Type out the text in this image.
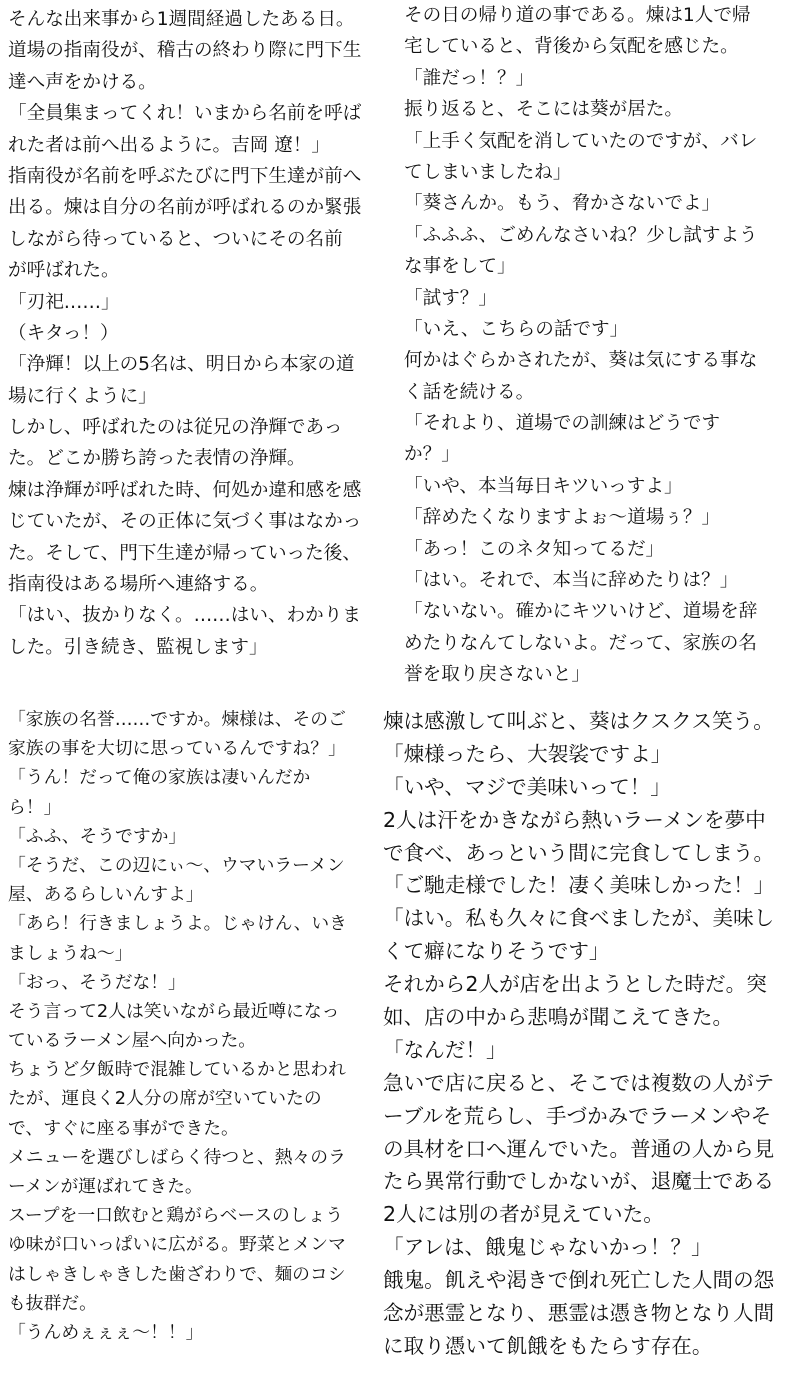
そんな出来事から1週間経過したある日。

道場の指南役が、稽古の終わり際に門下生

達へ声をかける。

「全員集まってくれ！いまから名前を呼ば

れた者は前へ出るように。吉岡 遼！」

指南役が名前を呼ぶたびに門下生達が前へ

出る。煉は自分の名前が呼ばれるのか緊張

しながら待っていると、ついにその名前

が呼ばれた。

「刃祀……」

（キタっ！）

「浄輝！以上の5名は、明日から本家の道

場に行くように」

しかし、呼ばれたのは従兄の浄輝であっ

た。どこか勝ち誇った表情の浄輝。

煉は浄輝が呼ばれた時、何処か違和感を感

じていたが、その正体に気づく事はなかっ

た。そして、門下生達が帰っていった後、

指南役はある場所へ連絡する。

「はい、抜かりなく。……はい、わかりま

した。引き続き、監視します」

その日の帰り道の事である。煉は1人で帰

宅していると、背後から気配を感じた。

「誰だっ！？」

振り返ると、そこには葵が居た。

「上手く気配を消していたのですが、バレ

てしまいましたね」

「葵さんか。もう、脅かさないでよ」

「ふふふ、ごめんなさいね？少し試すよう

な事をして」

「試す？」

「いえ、こちらの話です」

何かはぐらかされたが、葵は気にする事な

く話を続ける。

「それより、道場での訓練はどうです

か？」

「いや、本当毎日キツいっすよ」

「辞めたくなりますよぉ〜道場ぅ？」

「あっ！このネタ知ってるだ」

「はい。それで、本当に辞めたりは？」

「ないない。確かにキツいけど、道場を辞

めたりなんてしないよ。だって、家族の名

誉を取り戻さないと」

「家族の名誉……ですか。煉様は、そのご

家族の事を大切に思っているんですね？」

「うん！だって俺の家族は凄いんだか

ら！」

「ふふ、そうですか」

「そうだ、この辺にぃ〜、ウマいラーメン

屋、あるらしいんすよ」

「あら！行きましょうよ。じゃけん、いき

ましょうね〜」

「おっ、そうだな！」

そう言って2人は笑いながら最近噂になっ

ているラーメン屋へ向かった。

ちょうど夕飯時で混雑しているかと思われ

たが、運良く2人分の席が空いていたの

で、すぐに座る事ができた。

メニューを選びしばらく待つと、熱々のラ

ーメンが運ばれてきた。

スープを一口飲むと鶏がらベースのしょう

ゆ味が口いっぱいに広がる。野菜とメンマ

はしゃきしゃきした歯ざわりで、麺のコシ

も抜群だ。

「うんめぇぇぇ〜！！」

煉は感激して叫ぶと、葵はクスクス笑う。

「煉様ったら、大袈裟ですよ」

「いや、マジで美味いって！」

2人は汗をかきながら熱いラーメンを夢中

で食べ、あっという間に完食してしまう。

「ご馳走様でした！凄く美味しかった！」

「はい。私も久々に食べましたが、美味し

くて癖になりそうです」

それから2人が店を出ようとした時だ。突

如、店の中から悲鳴が聞こえてきた。

「なんだ！」

急いで店に戻ると、そこでは複数の人がテ

ーブルを荒らし、手づかみでラーメンやそ

の具材を口へ運んでいた。普通の人から見

たら異常行動でしかないが、退魔士である

2人には別の者が見えていた。

「アレは、餓鬼じゃないかっ！？」

餓鬼。飢えや渇きで倒れ死亡した人間の怨

念が悪霊となり、悪霊は憑き物となり人間

に取り憑いて飢餓をもたらす存在。
